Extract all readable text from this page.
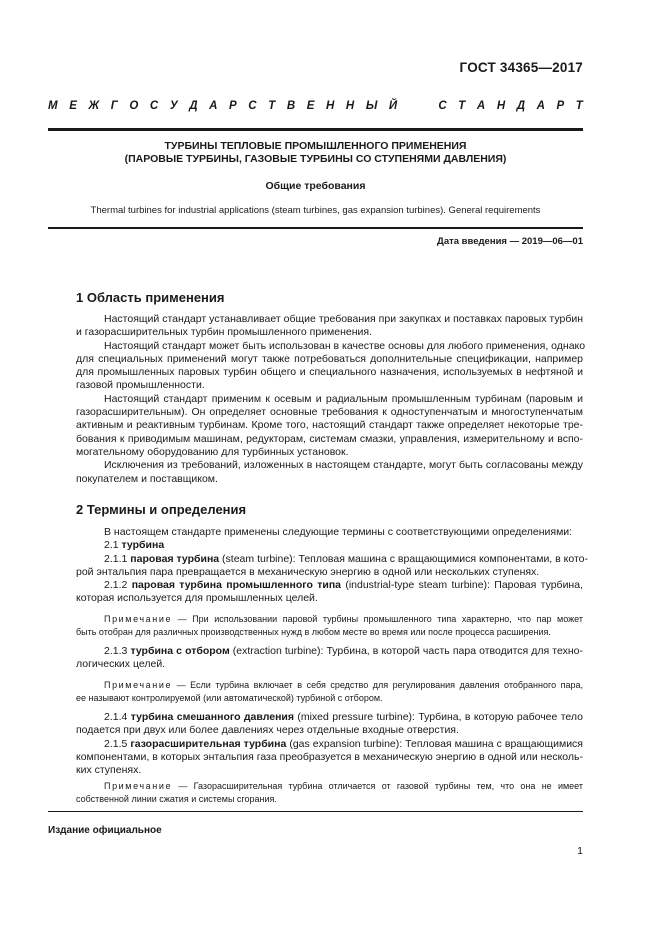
ГОСТ 34365—2017
М Е Ж Г О С У Д А Р С Т В Е Н Н Ы Й

	С Т А Н Д А Р Т
ТУРБИНЫ ТЕПЛОВЫЕ ПРОМЫШЛЕННОГО ПРИМЕНЕНИЯ
(ПАРОВЫЕ ТУРБИНЫ, ГАЗОВЫЕ ТУРБИНЫ СО СТУПЕНЯМИ ДАВЛЕНИЯ)
Общие требования
Thermal turbines for industrial applications (steam turbines, gas expansion turbines). General requirements
Дата введения — 2019—06—01
1 Область применения
Настоящий стандарт устанавливает общие требования при закупках и поставках паровых турбин
и газорасширительных турбин промышленного применения.
Настоящий стандарт может быть использован в качестве основы для любого применения, однако
для специальных применений могут также потребоваться дополнительные спецификации, например
для промышленных паровых турбин общего и специального назначения, используемых в нефтяной и
газовой промышленности.
Настоящий стандарт применим к осевым и радиальным промышленным турбинам (паровым и
газорасширительным). Он определяет основные требования к одноступенчатым и многоступенчатым
активным и реактивным турбинам. Кроме того, настоящий стандарт также определяет некоторые тре-
бования к приводимым машинам, редукторам, системам смазки, управления, измерительному и вспо-
могательному оборудованию для турбинных установок.
Исключения из требований, изложенных в настоящем стандарте, могут быть согласованы между
покупателем и поставщиком.
2 Термины и определения
В настоящем стандарте применены следующие термины с соответствующими определениями:
2.1 турбина
2.1.1 паровая турбина (steam turbine): Тепловая машина с вращающимися компонентами, в кото-
рой энтальпия пара превращается в механическую энергию в одной или нескольких ступенях.
2.1.2 паровая турбина промышленного типа (industrial-type steam turbine): Паровая турбина,
которая используется для промышленных целей.
Примечание — При использовании паровой турбины промышленного типа характерно, что пар может
быть отобран для различных производственных нужд в любом месте во время или после процесса расширения.
2.1.3 турбина с отбором (extraction turbine): Турбина, в которой часть пара отводится для техно-
логических целей.
Примечание — Если турбина включает в себя средство для регулирования давления отобранного пара,
ее называют контролируемой (или автоматической) турбиной с отбором.
2.1.4 турбина смешанного давления (mixed pressure turbine): Турбина, в которую рабочее тело
подается при двух или более давлениях через отдельные входные отверстия.
2.1.5 газорасширительная турбина (gas expansion turbine): Тепловая машина с вращающимися
компонентами, в которых энтальпия газа преобразуется в механическую энергию в одной или несколь-
ких ступенях.
Примечание — Газорасширительная турбина отличается от газовой турбины тем, что она не имеет
собственной линии сжатия и системы сгорания.
Издание официальное
1
